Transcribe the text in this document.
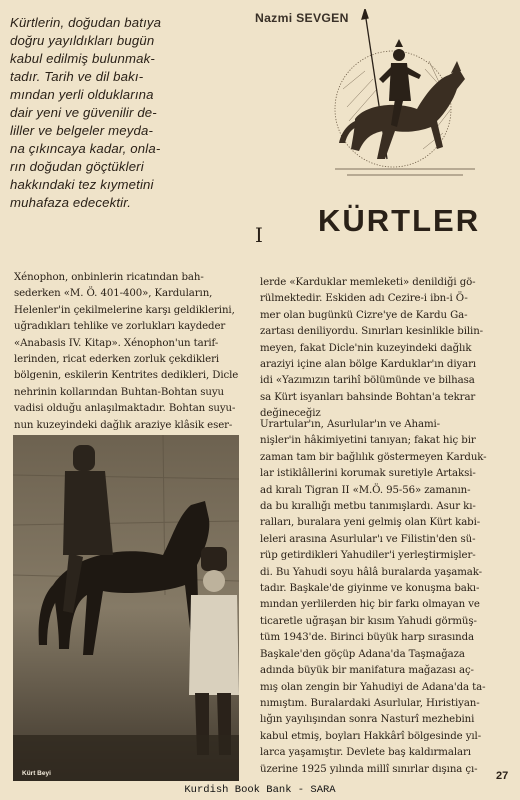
Kürtlerin, doğudan batıya
doğru yayıldıkları bugün
kabul edilmiş bulunmak-
tadır. Tarih ve dil bakı-
mından yerli olduklarına
dair yeni ve güvenilir de-
liller ve belgeler meyda-
na çıkıncaya kadar, onla-
rın doğudan göçtükleri
hakkındaki tez kıymetini
muhafaza edecektir.
Nazmi SEVGEN
I KÜRTLER
Xénophon, onbinlerin ricatından bah-
sederken «M. Ö. 401-400», Karduların,
Helenler'in çekilmelerine karşı geldiklerini,
uğradıkları tehlike ve zorlukları kaydeder
«Anabasis IV. Kitap». Xénophon'un tarif-
lerinden, ricat ederken zorluk çekdikleri
bölgenin, eskilerin Kentrites dedikleri, Dicle
nehrinin kollarından Buhtan-Bohtan suyu
vadisi olduğu anlaşılmaktadır. Bohtan suyu-
nun kuzeyindeki dağlık araziye klâsik eser-
lerde «Karduklar memleketi» denildiği gö-
rülmektedir. Eskiden adı Cezire-i ibn-i Ö-
mer olan bugünkü Cizre'ye de Kardu Ga-
zartası deniliyordu. Sınırları kesinlikle bilin-
meyen, fakat Dicle'nin kuzeyindeki dağlık
araziyi içine alan bölge Karduklar'ın diyarı
idi «Yazımızın tarihî bölümünde ve bilhasa
sa Kürt isyanları bahsinde Bohtan'a tekrar
değineceğiz
Urartular'ın, Asurlular'ın ve Ahami-
nişler'in hâkimiyetini tanıyan; fakat hiç bir
zaman tam bir bağlılık göstermeyen Karduk-
lar istiklâllerini korumak suretiyle Artaksi-
ad kıralı Tigran II «M.Ö. 95-56» zamanın-
da bu kırallığı metbu tanımışlardı. Asur kı-
ralları, buralara yeni gelmiş olan Kürt kabi-
leleri arasına Asurlular'ı ve Filistin'den sü-
rüp getirdikleri Yahudiler'i yerleştirmişler-
di. Bu Yahudi soyu hâlâ buralarda yaşamak-
tadır. Başkale'de giyinme ve konuşma bakı-
mından yerlilerden hiç bir farkı olmayan ve
ticaretle uğraşan bir kısım Yahudi görmüş-
tüm 1943'de. Birinci büyük harp sırasında
Başkale'den göçüp Adana'da Taşmağaza
adında büyük bir manifatura mağazası aç-
mış olan zengin bir Yahudiyi de Adana'da ta-
nımıştım. Buralardaki Asurlular, Hıristiyan-
lığın yayılışından sonra Nasturî mezhebini
kabul etmiş, boyları Hakkârî bölgesinde yıl-
larca yaşamıştır. Devlete baş kaldırmaları
üzerine 1925 yılında millî sınırlar dışına çı-
Kürt Beyi	27
Kurdish Book Bank - SARA
